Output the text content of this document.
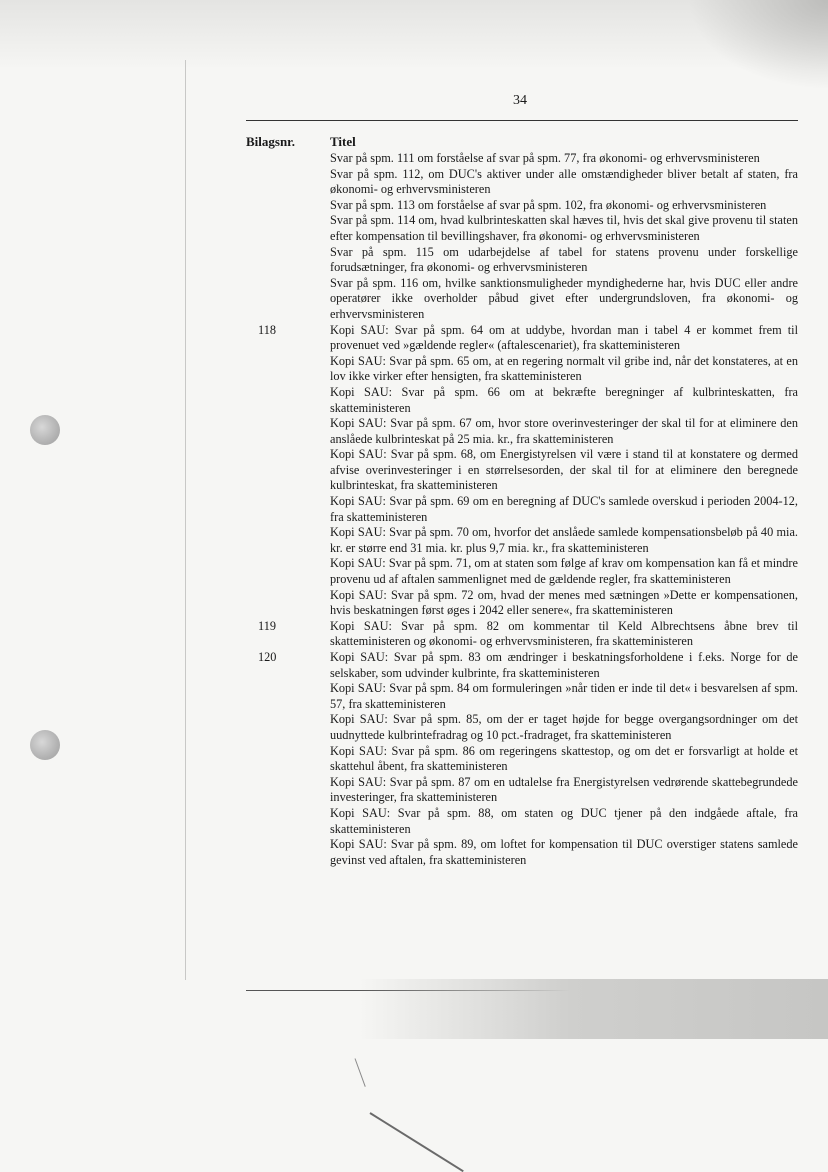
34
Bilagsnr.	Titel
Svar på spm. 111 om forståelse af svar på spm. 77, fra økonomi- og erhvervsministeren
Svar på spm. 112, om DUC's aktiver under alle omstændigheder bliver betalt af staten, fra økonomi- og erhvervsministeren
Svar på spm. 113 om forståelse af svar på spm. 102, fra økonomi- og erhvervsministeren
Svar på spm. 114 om, hvad kulbrinteskatten skal hæves til, hvis det skal give provenu til staten efter kompensation til bevillingshaver, fra økonomi- og erhvervsministeren
Svar på spm. 115 om udarbejdelse af tabel for statens provenu under forskellige forudsætninger, fra økonomi- og erhvervsministeren
Svar på spm. 116 om, hvilke sanktionsmuligheder myndighederne har, hvis DUC eller andre operatører ikke overholder påbud givet efter undergrundsloven, fra økonomi- og erhvervsministeren
118	Kopi SAU: Svar på spm. 64 om at uddybe, hvordan man i tabel 4 er kommet frem til provenuet ved »gældende regler« (aftalescenariet), fra skatteministeren
Kopi SAU: Svar på spm. 65 om, at en regering normalt vil gribe ind, når det konstateres, at en lov ikke virker efter hensigten, fra skatteministeren
Kopi SAU: Svar på spm. 66 om at bekræfte beregninger af kulbrinteskatten, fra skatteministeren
Kopi SAU: Svar på spm. 67 om, hvor store overinvesteringer der skal til for at eliminere den anslåede kulbrinteskat på 25 mia. kr., fra skatteministeren
Kopi SAU: Svar på spm. 68, om Energistyrelsen vil være i stand til at konstatere og dermed afvise overinvesteringer i en størrelsesorden, der skal til for at eliminere den beregnede kulbrinteskat, fra skatteministeren
Kopi SAU: Svar på spm. 69 om en beregning af DUC's samlede overskud i perioden 2004-12, fra skatteministeren
Kopi SAU: Svar på spm. 70 om, hvorfor det anslåede samlede kompensationsbeløb på 40 mia. kr. er større end 31 mia. kr. plus 9,7 mia. kr., fra skatteministeren
Kopi SAU: Svar på spm. 71, om at staten som følge af krav om kompensation kan få et mindre provenu ud af aftalen sammenlignet med de gældende regler, fra skatteministeren
Kopi SAU: Svar på spm. 72 om, hvad der menes med sætningen »Dette er kompensationen, hvis beskatningen først øges i 2042 eller senere«, fra skatteministeren
119	Kopi SAU: Svar på spm. 82 om kommentar til Keld Albrechtsens åbne brev til skatteministeren og økonomi- og erhvervsministeren, fra skatteministeren
120	Kopi SAU: Svar på spm. 83 om ændringer i beskatningsforholdene i f.eks. Norge for de selskaber, som udvinder kulbrinte, fra skatteministeren
Kopi SAU: Svar på spm. 84 om formuleringen »når tiden er inde til det« i besvarelsen af spm. 57, fra skatteministeren
Kopi SAU: Svar på spm. 85, om der er taget højde for begge overgangsordninger om det uudnyttede kulbrintefradrag og 10 pct.-fradraget, fra skatteministeren
Kopi SAU: Svar på spm. 86 om regeringens skattestop, og om det er forsvarligt at holde et skattehul åbent, fra skatteministeren
Kopi SAU: Svar på spm. 87 om en udtalelse fra Energistyrelsen vedrørende skattebegrundede investeringer, fra skatteministeren
Kopi SAU: Svar på spm. 88, om staten og DUC tjener på den indgåede aftale, fra skatteministeren
Kopi SAU: Svar på spm. 89, om loftet for kompensation til DUC overstiger statens samlede gevinst ved aftalen, fra skatteministeren
